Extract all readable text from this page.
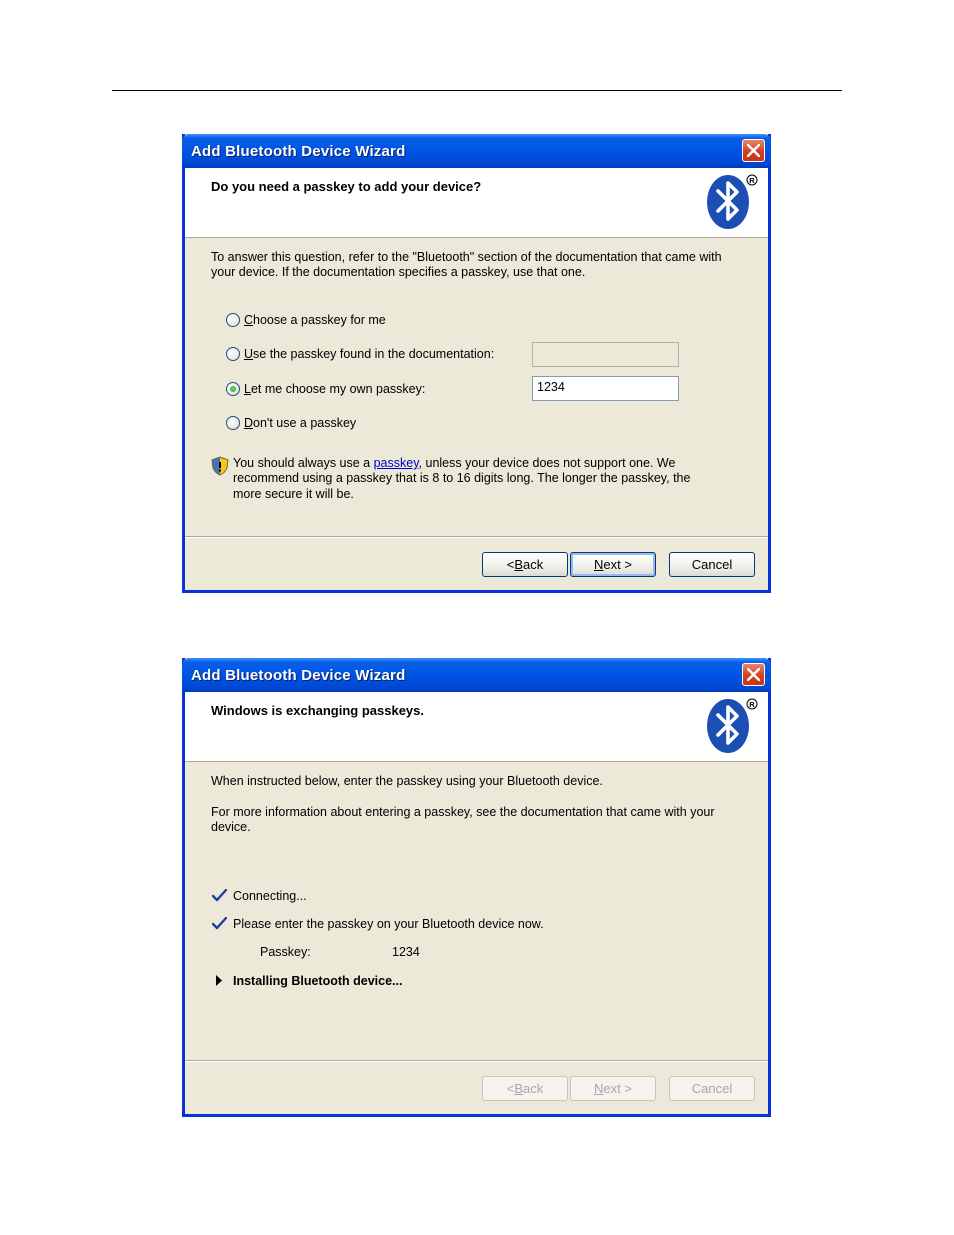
Add Bluetooth Device Wizard
Do you need a passkey to add your device?	R
To answer this question, refer to the "Bluetooth" section of the documentation that came with
your device. If the documentation specifies a passkey, use that one.
Choose a passkey for me
Use the passkey found in the documentation:
Let me choose my own passkey:	1234
Don't use a passkey
You should always use a passkey, unless your device does not support one. We
recommend using a passkey that is 8 to 16 digits long. The longer the passkey, the
more secure it will be.
< B ack	N ext >	Cancel
Add Bluetooth Device Wizard
Windows is exchanging passkeys.	R
When instructed below, enter the passkey using your Bluetooth device.
For more information about entering a passkey, see the documentation that came with your
device.
Connecting...
Please enter the passkey on your Bluetooth device now.
Passkey:	1234
Installing Bluetooth device...
< B ack	N ext >	Cancel
